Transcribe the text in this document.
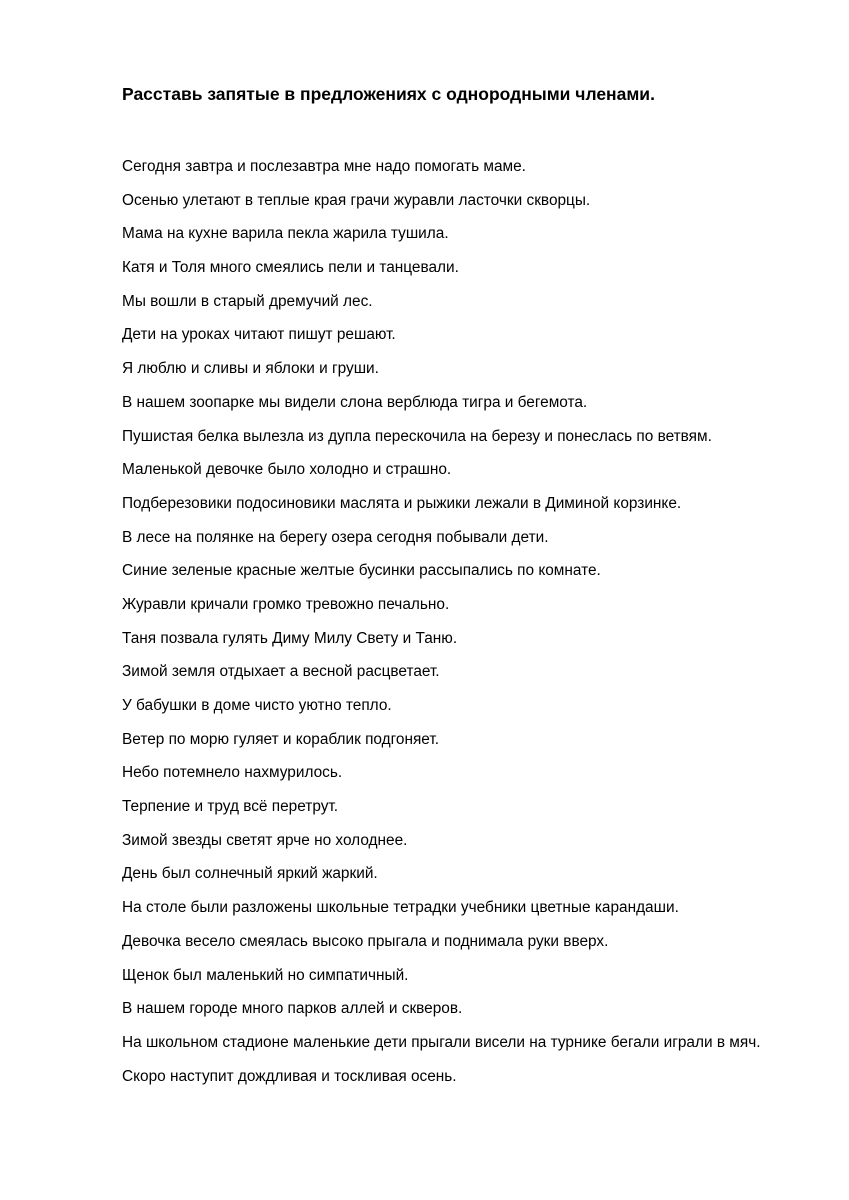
Расставь запятые в предложениях с однородными членами.
Сегодня завтра и послезавтра мне надо помогать маме.
Осенью улетают в теплые края грачи журавли ласточки скворцы.
Мама на кухне варила пекла жарила тушила.
Катя и Толя много смеялись пели и танцевали.
Мы вошли в старый дремучий лес.
Дети на уроках читают пишут решают.
Я люблю и сливы и яблоки и груши.
В нашем зоопарке мы видели слона верблюда тигра и бегемота.
Пушистая белка вылезла из дупла перескочила на березу и понеслась по ветвям.
Маленькой девочке было холодно и страшно.
Подберезовики подосиновики маслята и рыжики лежали в Диминой корзинке.
В лесе на полянке на берегу озера сегодня побывали дети.
Синие зеленые красные желтые бусинки рассыпались по комнате.
Журавли кричали громко тревожно печально.
Таня позвала гулять Диму Милу Свету и Таню.
Зимой земля отдыхает а весной расцветает.
У бабушки в доме чисто уютно тепло.
Ветер по морю гуляет и кораблик подгоняет.
Небо потемнело нахмурилось.
Терпение и труд всё перетрут.
Зимой звезды светят ярче но холоднее.
День был солнечный яркий жаркий.
На столе были разложены школьные тетрадки учебники цветные карандаши.
Девочка весело смеялась высоко прыгала и поднимала руки вверх.
Щенок был маленький но симпатичный.
В нашем городе много парков аллей и скверов.
На школьном стадионе маленькие дети прыгали висели на турнике бегали играли в мяч.
Скоро наступит дождливая и тоскливая осень.
